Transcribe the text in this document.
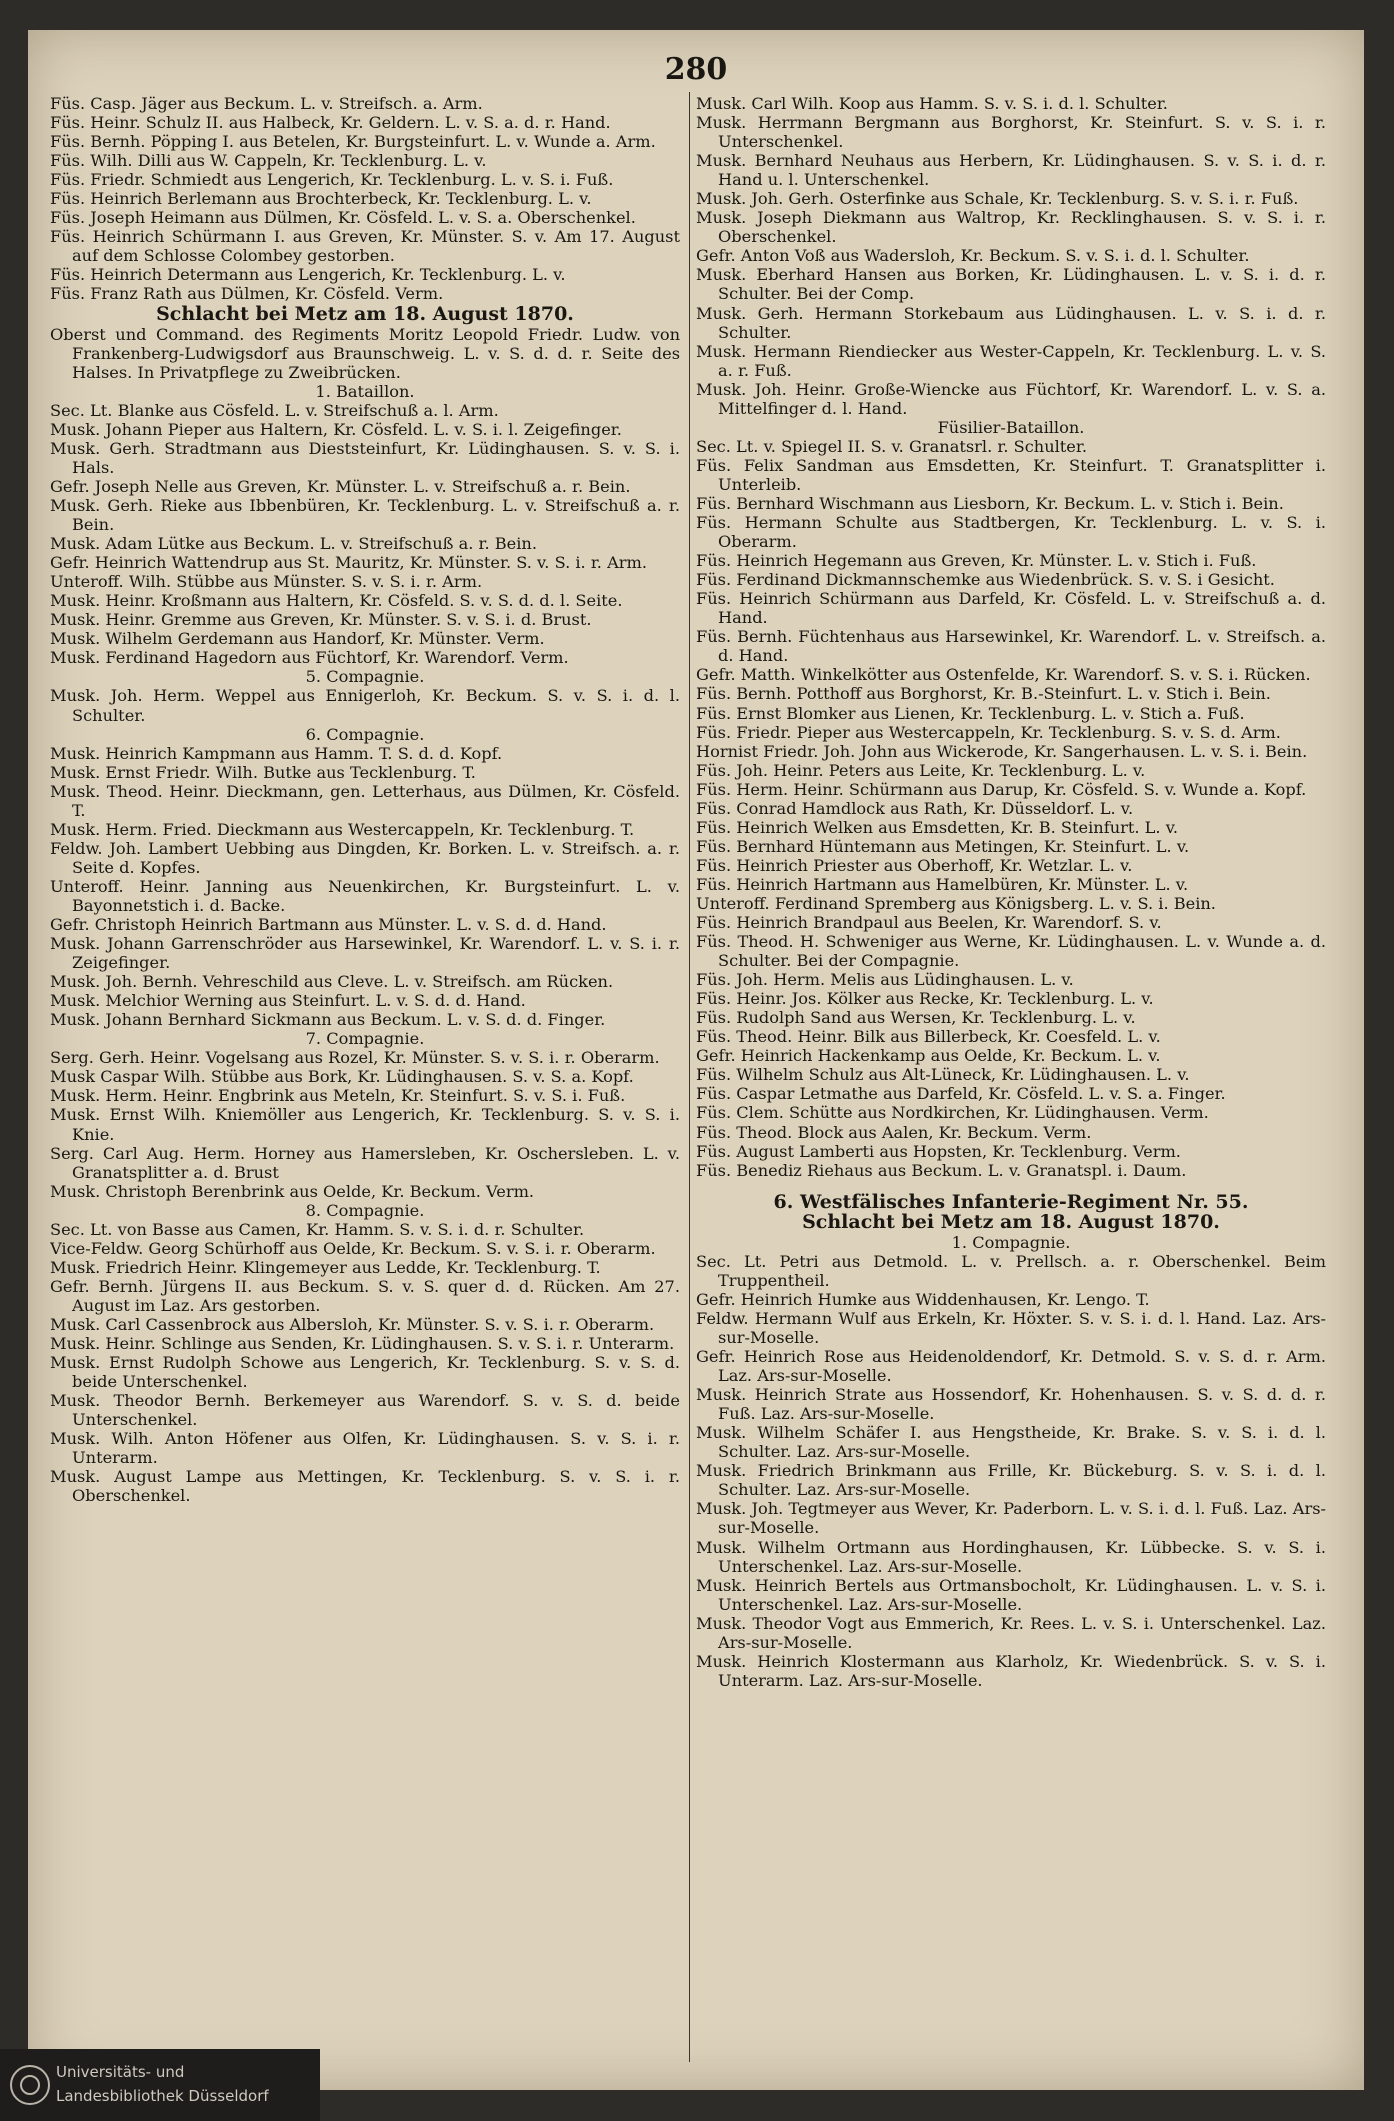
280

Füs. Casp. Jäger aus Beckum. L. v. Streifsch. a. Arm.

Füs. Heinr. Schulz II. aus Halbeck, Kr. Geldern. L. v. S. a. d. r. Hand.

Füs. Bernh. Pöpping I. aus Betelen, Kr. Burgsteinfurt. L. v. Wunde a. Arm.

Füs. Wilh. Dilli aus W. Cappeln, Kr. Tecklenburg. L. v.

Füs. Friedr. Schmiedt aus Lengerich, Kr. Tecklenburg. L. v. S. i. Fuß.

Füs. Heinrich Berlemann aus Brochterbeck, Kr. Tecklenburg. L. v.

Füs. Joseph Heimann aus Dülmen, Kr. Cösfeld. L. v. S. a. Oberschenkel.

Füs. Heinrich Schürmann I. aus Greven, Kr. Münster. S. v. Am 17. August auf dem Schlosse Colombey gestorben.

Füs. Heinrich Determann aus Lengerich, Kr. Tecklenburg. L. v.

Füs. Franz Rath aus Dülmen, Kr. Cösfeld. Verm.

Schlacht bei Metz am 18. August 1870.

Oberst und Command. des Regiments Moritz Leopold Friedr. Ludw. von Frankenberg-Ludwigsdorf aus Braunschweig. L. v. S. d. d. r. Seite des Halses. In Privatpflege zu Zweibrücken.

1. Bataillon.

Sec. Lt. Blanke aus Cösfeld. L. v. Streifschuß a. l. Arm.

Musk. Johann Pieper aus Haltern, Kr. Cösfeld. L. v. S. i. l. Zeigefinger.

Musk. Gerh. Stradtmann aus Dieststeinfurt, Kr. Lüdinghausen. S. v. S. i. Hals.

Gefr. Joseph Nelle aus Greven, Kr. Münster. L. v. Streifschuß a. r. Bein.

Musk. Gerh. Rieke aus Ibbenbüren, Kr. Tecklenburg. L. v. Streifschuß a. r. Bein.

Musk. Adam Lütke aus Beckum. L. v. Streifschuß a. r. Bein.

Gefr. Heinrich Wattendrup aus St. Mauritz, Kr. Münster. S. v. S. i. r. Arm.

Unteroff. Wilh. Stübbe aus Münster. S. v. S. i. r. Arm.

Musk. Heinr. Kroßmann aus Haltern, Kr. Cösfeld. S. v. S. d. d. l. Seite.

Musk. Heinr. Gremme aus Greven, Kr. Münster. S. v. S. i. d. Brust.

Musk. Wilhelm Gerdemann aus Handorf, Kr. Münster. Verm.

Musk. Ferdinand Hagedorn aus Füchtorf, Kr. Warendorf. Verm.

5. Compagnie.

Musk. Joh. Herm. Weppel aus Ennigerloh, Kr. Beckum. S. v. S. i. d. l. Schulter.

6. Compagnie.

Musk. Heinrich Kampmann aus Hamm. T. S. d. d. Kopf.

Musk. Ernst Friedr. Wilh. Butke aus Tecklenburg. T.

Musk. Theod. Heinr. Dieckmann, gen. Letterhaus, aus Dülmen, Kr. Cösfeld. T.

Musk. Herm. Fried. Dieckmann aus Westercappeln, Kr. Tecklenburg. T.

Feldw. Joh. Lambert Uebbing aus Dingden, Kr. Borken. L. v. Streifsch. a. r. Seite d. Kopfes.

Unteroff. Heinr. Janning aus Neuenkirchen, Kr. Burgsteinfurt. L. v. Bayonnetstich i. d. Backe.

Gefr. Christoph Heinrich Bartmann aus Münster. L. v. S. d. d. Hand.

Musk. Johann Garrenschröder aus Harsewinkel, Kr. Warendorf. L. v. S. i. r. Zeigefinger.

Musk. Joh. Bernh. Vehreschild aus Cleve. L. v. Streifsch. am Rücken.

Musk. Melchior Werning aus Steinfurt. L. v. S. d. d. Hand.

Musk. Johann Bernhard Sickmann aus Beckum. L. v. S. d. d. Finger.

7. Compagnie.

Serg. Gerh. Heinr. Vogelsang aus Rozel, Kr. Münster. S. v. S. i. r. Oberarm.

Musk Caspar Wilh. Stübbe aus Bork, Kr. Lüdinghausen. S. v. S. a. Kopf.

Musk. Herm. Heinr. Engbrink aus Meteln, Kr. Steinfurt. S. v. S. i. Fuß.

Musk. Ernst Wilh. Kniemöller aus Lengerich, Kr. Tecklenburg. S. v. S. i. Knie.

Serg. Carl Aug. Herm. Horney aus Hamersleben, Kr. Oschersleben. L. v. Granatsplitter a. d. Brust

Musk. Christoph Berenbrink aus Oelde, Kr. Beckum. Verm.

8. Compagnie.

Sec. Lt. von Basse aus Camen, Kr. Hamm. S. v. S. i. d. r. Schulter.

Vice-Feldw. Georg Schürhoff aus Oelde, Kr. Beckum. S. v. S. i. r. Oberarm.

Musk. Friedrich Heinr. Klingemeyer aus Ledde, Kr. Tecklenburg. T.

Gefr. Bernh. Jürgens II. aus Beckum. S. v. S. quer d. d. Rücken. Am 27. August im Laz. Ars gestorben.

Musk. Carl Cassenbrock aus Albersloh, Kr. Münster. S. v. S. i. r. Oberarm.

Musk. Heinr. Schlinge aus Senden, Kr. Lüdinghausen. S. v. S. i. r. Unterarm.

Musk. Ernst Rudolph Schowe aus Lengerich, Kr. Tecklenburg. S. v. S. d. beide Unterschenkel.

Musk. Theodor Bernh. Berkemeyer aus Warendorf. S. v. S. d. beide Unterschenkel.

Musk. Wilh. Anton Höfener aus Olfen, Kr. Lüdinghausen. S. v. S. i. r. Unterarm.

Musk. August Lampe aus Mettingen, Kr. Tecklenburg. S. v. S. i. r. Oberschenkel.

Musk. Carl Wilh. Koop aus Hamm. S. v. S. i. d. l. Schulter.

Musk. Herrmann Bergmann aus Borghorst, Kr. Steinfurt. S. v. S. i. r. Unterschenkel.

Musk. Bernhard Neuhaus aus Herbern, Kr. Lüdinghausen. S. v. S. i. d. r. Hand u. l. Unterschenkel.

Musk. Joh. Gerh. Osterfinke aus Schale, Kr. Tecklenburg. S. v. S. i. r. Fuß.

Musk. Joseph Diekmann aus Waltrop, Kr. Recklinghausen. S. v. S. i. r. Oberschenkel.

Gefr. Anton Voß aus Wadersloh, Kr. Beckum. S. v. S. i. d. l. Schulter.

Musk. Eberhard Hansen aus Borken, Kr. Lüdinghausen. L. v. S. i. d. r. Schulter. Bei der Comp.

Musk. Gerh. Hermann Storkebaum aus Lüdinghausen. L. v. S. i. d. r. Schulter.

Musk. Hermann Riendiecker aus Wester-Cappeln, Kr. Tecklenburg. L. v. S. a. r. Fuß.

Musk. Joh. Heinr. Große-Wiencke aus Füchtorf, Kr. Warendorf. L. v. S. a. Mittelfinger d. l. Hand.

Füsilier-Bataillon.

Sec. Lt. v. Spiegel II. S. v. Granatsrl. r. Schulter.

Füs. Felix Sandman aus Emsdetten, Kr. Steinfurt. T. Granatsplitter i. Unterleib.

Füs. Bernhard Wischmann aus Liesborn, Kr. Beckum. L. v. Stich i. Bein.

Füs. Hermann Schulte aus Stadtbergen, Kr. Tecklenburg. L. v. S. i. Oberarm.

Füs. Heinrich Hegemann aus Greven, Kr. Münster. L. v. Stich i. Fuß.

Füs. Ferdinand Dickmannschemke aus Wiedenbrück. S. v. S. i Gesicht.

Füs. Heinrich Schürmann aus Darfeld, Kr. Cösfeld. L. v. Streifschuß a. d. Hand.

Füs. Bernh. Füchtenhaus aus Harsewinkel, Kr. Warendorf. L. v. Streifsch. a. d. Hand.

Gefr. Matth. Winkelkötter aus Ostenfelde, Kr. Warendorf. S. v. S. i. Rücken.

Füs. Bernh. Potthoff aus Borghorst, Kr. B.-Steinfurt. L. v. Stich i. Bein.

Füs. Ernst Blomker aus Lienen, Kr. Tecklenburg. L. v. Stich a. Fuß.

Füs. Friedr. Pieper aus Westercappeln, Kr. Tecklenburg. S. v. S. d. Arm.

Hornist Friedr. Joh. John aus Wickerode, Kr. Sangerhausen. L. v. S. i. Bein.

Füs. Joh. Heinr. Peters aus Leite, Kr. Tecklenburg. L. v.

Füs. Herm. Heinr. Schürmann aus Darup, Kr. Cösfeld. S. v. Wunde a. Kopf.

Füs. Conrad Hamdlock aus Rath, Kr. Düsseldorf. L. v.

Füs. Heinrich Welken aus Emsdetten, Kr. B. Steinfurt. L. v.

Füs. Bernhard Hüntemann aus Metingen, Kr. Steinfurt. L. v.

Füs. Heinrich Priester aus Oberhoff, Kr. Wetzlar. L. v.

Füs. Heinrich Hartmann aus Hamelbüren, Kr. Münster. L. v.

Unteroff. Ferdinand Spremberg aus Königsberg. L. v. S. i. Bein.

Füs. Heinrich Brandpaul aus Beelen, Kr. Warendorf. S. v.

Füs. Theod. H. Schweniger aus Werne, Kr. Lüdinghausen. L. v. Wunde a. d. Schulter. Bei der Compagnie.

Füs. Joh. Herm. Melis aus Lüdinghausen. L. v.

Füs. Heinr. Jos. Kölker aus Recke, Kr. Tecklenburg. L. v.

Füs. Rudolph Sand aus Wersen, Kr. Tecklenburg. L. v.

Füs. Theod. Heinr. Bilk aus Billerbeck, Kr. Coesfeld. L. v.

Gefr. Heinrich Hackenkamp aus Oelde, Kr. Beckum. L. v.

Füs. Wilhelm Schulz aus Alt-Lüneck, Kr. Lüdinghausen. L. v.

Füs. Caspar Letmathe aus Darfeld, Kr. Cösfeld. L. v. S. a. Finger.

Füs. Clem. Schütte aus Nordkirchen, Kr. Lüdinghausen. Verm.

Füs. Theod. Block aus Aalen, Kr. Beckum. Verm.

Füs. August Lamberti aus Hopsten, Kr. Tecklenburg. Verm.

Füs. Benediz Riehaus aus Beckum. L. v. Granatspl. i. Daum.

6. Westfälisches Infanterie-Regiment Nr. 55.

Schlacht bei Metz am 18. August 1870.

1. Compagnie.

Sec. Lt. Petri aus Detmold. L. v. Prellsch. a. r. Oberschenkel. Beim Truppentheil.

Gefr. Heinrich Humke aus Widdenhausen, Kr. Lengo. T.

Feldw. Hermann Wulf aus Erkeln, Kr. Höxter. S. v. S. i. d. l. Hand. Laz. Ars-sur-Moselle.

Gefr. Heinrich Rose aus Heidenoldendorf, Kr. Detmold. S. v. S. d. r. Arm. Laz. Ars-sur-Moselle.

Musk. Heinrich Strate aus Hossendorf, Kr. Hohenhausen. S. v. S. d. d. r. Fuß. Laz. Ars-sur-Moselle.

Musk. Wilhelm Schäfer I. aus Hengstheide, Kr. Brake. S. v. S. i. d. l. Schulter. Laz. Ars-sur-Moselle.

Musk. Friedrich Brinkmann aus Frille, Kr. Bückeburg. S. v. S. i. d. l. Schulter. Laz. Ars-sur-Moselle.

Musk. Joh. Tegtmeyer aus Wever, Kr. Paderborn. L. v. S. i. d. l. Fuß. Laz. Ars-sur-Moselle.

Musk. Wilhelm Ortmann aus Hordinghausen, Kr. Lübbecke. S. v. S. i. Unterschenkel. Laz. Ars-sur-Moselle.

Musk. Heinrich Bertels aus Ortmansbocholt, Kr. Lüdinghausen. L. v. S. i. Unterschenkel. Laz. Ars-sur-Moselle.

Musk. Theodor Vogt aus Emmerich, Kr. Rees. L. v. S. i. Unterschenkel. Laz. Ars-sur-Moselle.

Musk. Heinrich Klostermann aus Klarholz, Kr. Wiedenbrück. S. v. S. i. Unterarm. Laz. Ars-sur-Moselle.

Universitäts- und
Landesbibliothek Düsseldorf
